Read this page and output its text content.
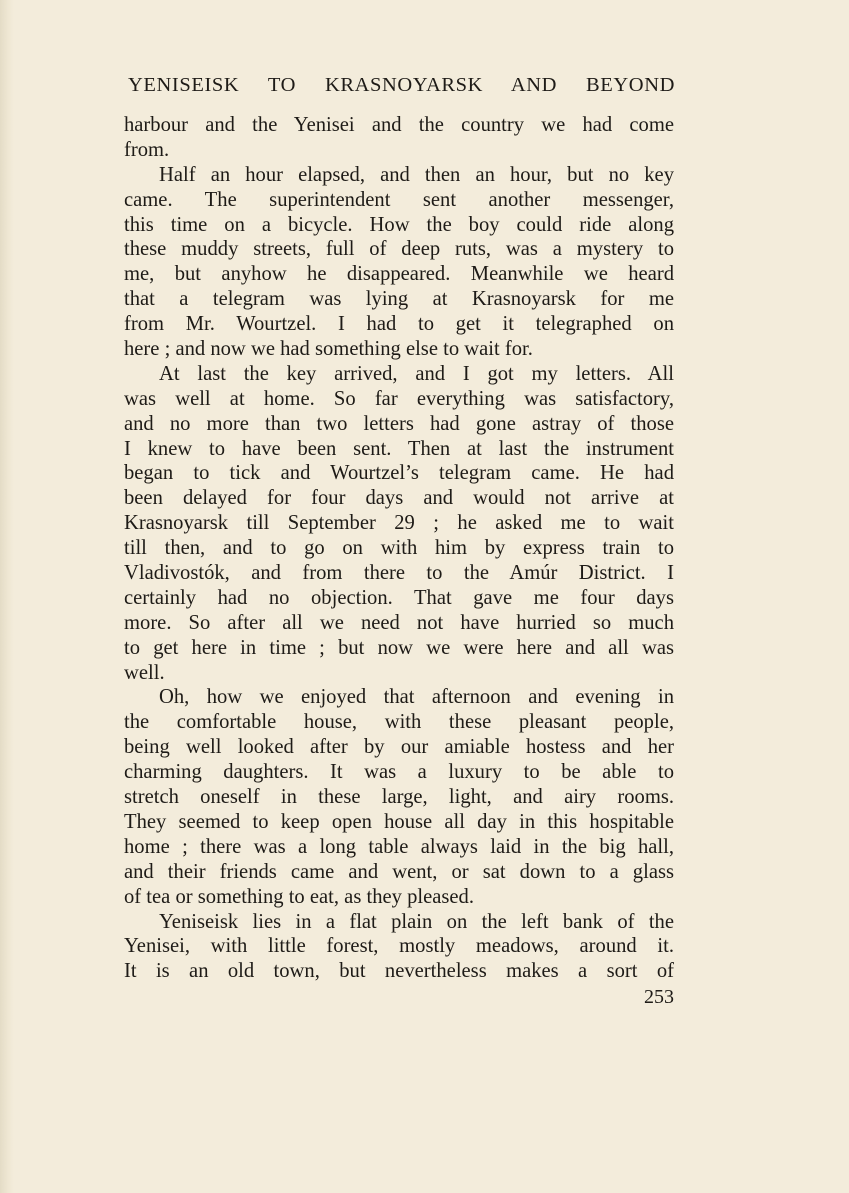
YENISEISK TO KRASNOYARSK AND BEYOND
harbour and the Yenisei and the country we had come
from.
Half an hour elapsed, and then an hour, but no key
came. The superintendent sent another messenger,
this time on a bicycle. How the boy could ride along
these muddy streets, full of deep ruts, was a mystery to
me, but anyhow he disappeared. Meanwhile we heard
that a telegram was lying at Krasnoyarsk for me
from Mr. Wourtzel. I had to get it telegraphed on
here ; and now we had something else to wait for.
At last the key arrived, and I got my letters. All
was well at home. So far everything was satisfactory,
and no more than two letters had gone astray of those
I knew to have been sent. Then at last the instrument
began to tick and Wourtzel’s telegram came. He had
been delayed for four days and would not arrive at
Krasnoyarsk till September 29 ; he asked me to wait
till then, and to go on with him by express train to
Vladivostók, and from there to the Amúr District. I
certainly had no objection. That gave me four days
more. So after all we need not have hurried so much
to get here in time ; but now we were here and all was
well.
Oh, how we enjoyed that afternoon and evening in
the comfortable house, with these pleasant people,
being well looked after by our amiable hostess and her
charming daughters. It was a luxury to be able to
stretch oneself in these large, light, and airy rooms.
They seemed to keep open house all day in this hospitable
home ; there was a long table always laid in the big hall,
and their friends came and went, or sat down to a glass
of tea or something to eat, as they pleased.
Yeniseisk lies in a flat plain on the left bank of the
Yenisei, with little forest, mostly meadows, around it.
It is an old town, but nevertheless makes a sort of
253
